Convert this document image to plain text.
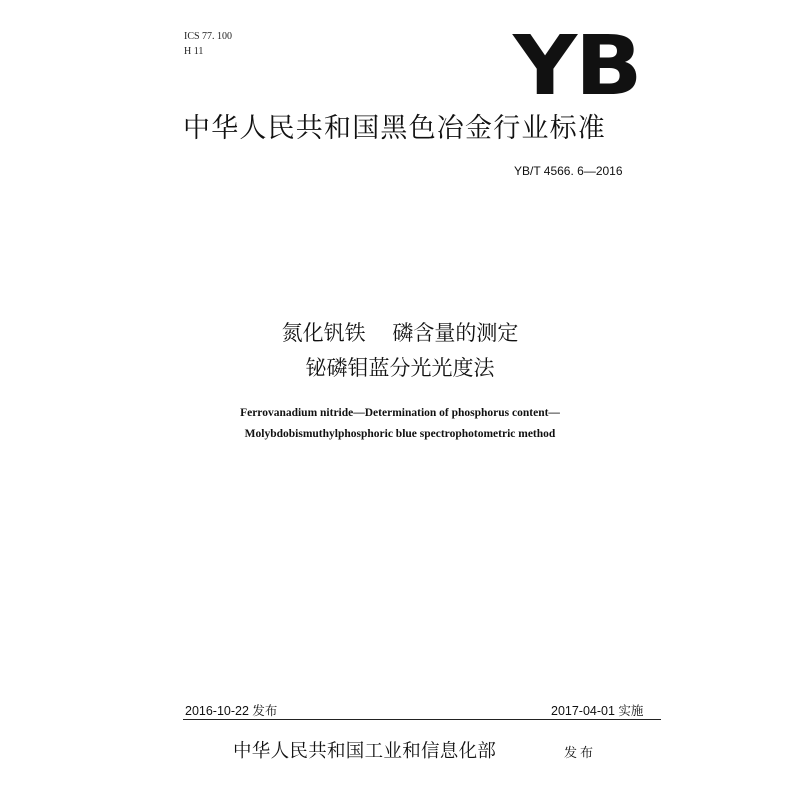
ICS 77. 100
H 11	YB
中华人民共和国黑色冶金行业标准
YB/T 4566. 6—2016
氮化钒铁    磷含量的测定
铋磷钼蓝分光光度法
Ferrovanadium nitride—Determination of phosphorus content—
Molybdobismuthylphosphoric blue spectrophotometric method
2016-10-22 发布	2017-04-01 实施
中华人民共和国工业和信息化部	发布
